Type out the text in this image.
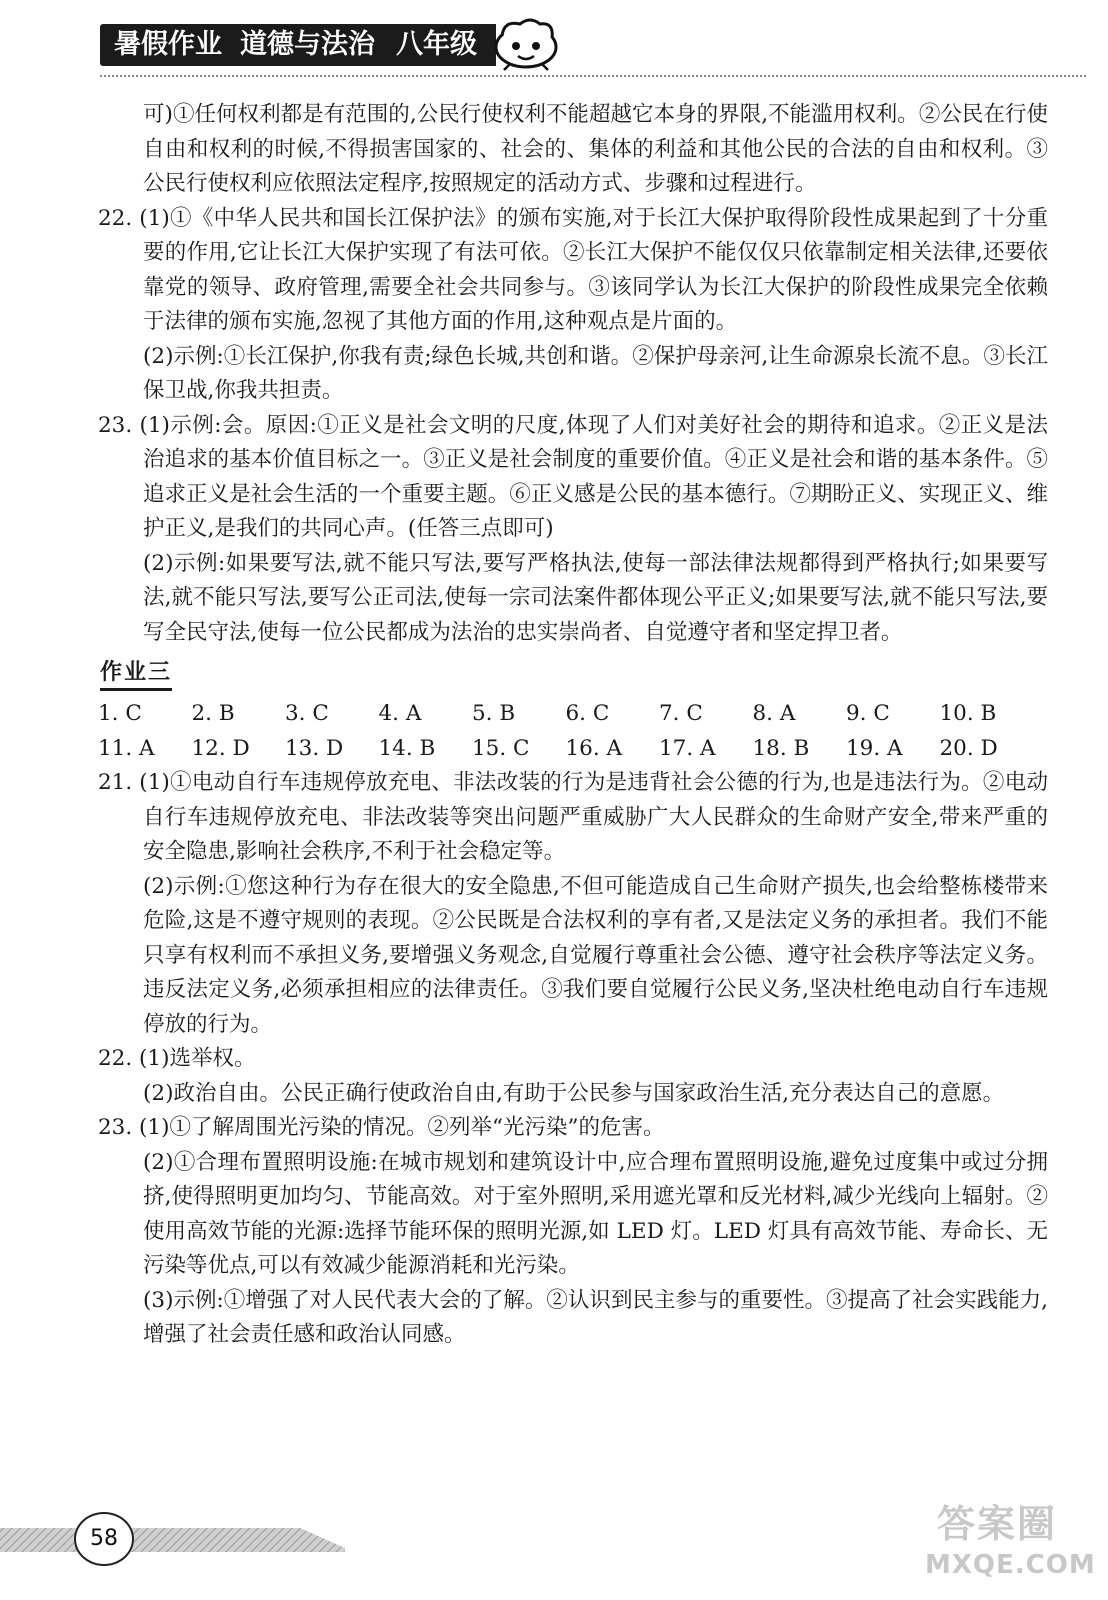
暑假作业 道德与法治 八年级

可)①任何权利都是有范围的,公民行使权利不能超越它本身的界限,不能滥用权利。②公民在行使自由和权利的时候,不得损害国家的、社会的、集体的利益和其他公民的合法的自由和权利。③公民行使权利应依照法定程序,按照规定的活动方式、步骤和过程进行。

22. (1)①《中华人民共和国长江保护法》的颁布实施,对于长江大保护取得阶段性成果起到了十分重要的作用,它让长江大保护实现了有法可依。②长江大保护不能仅仅只依靠制定相关法律,还要依靠党的领导、政府管理,需要全社会共同参与。③该同学认为长江大保护的阶段性成果完全依赖于法律的颁布实施,忽视了其他方面的作用,这种观点是片面的。

(2)示例:①长江保护,你我有责;绿色长城,共创和谐。②保护母亲河,让生命源泉长流不息。③长江保卫战,你我共担责。

23. (1)示例:会。原因:①正义是社会文明的尺度,体现了人们对美好社会的期待和追求。②正义是法治追求的基本价值目标之一。③正义是社会制度的重要价值。④正义是社会和谐的基本条件。⑤追求正义是社会生活的一个重要主题。⑥正义感是公民的基本德行。⑦期盼正义、实现正义、维护正义,是我们的共同心声。(任答三点即可)

(2)示例:如果要写法,就不能只写法,要写严格执法,使每一部法律法规都得到严格执行;如果要写法,就不能只写法,要写公正司法,使每一宗司法案件都体现公平正义;如果要写法,就不能只写法,要写全民守法,使每一位公民都成为法治的忠实崇尚者、自觉遵守者和坚定捍卫者。

作业三
1. C	2. B	3. C	4. A	5. B	6. C	7. C	8. A	9. C	10. B
11. A	12. D	13. D	14. B	15. C	16. A	17. A	18. B	19. A	20. D

21. (1)①电动自行车违规停放充电、非法改装的行为是违背社会公德的行为,也是违法行为。②电动自行车违规停放充电、非法改装等突出问题严重威胁广大人民群众的生命财产安全,带来严重的安全隐患,影响社会秩序,不利于社会稳定等。

(2)示例:①您这种行为存在很大的安全隐患,不但可能造成自己生命财产损失,也会给整栋楼带来危险,这是不遵守规则的表现。②公民既是合法权利的享有者,又是法定义务的承担者。我们不能只享有权利而不承担义务,要增强义务观念,自觉履行尊重社会公德、遵守社会秩序等法定义务。违反法定义务,必须承担相应的法律责任。③我们要自觉履行公民义务,坚决杜绝电动自行车违规停放的行为。

22. (1)选举权。

(2)政治自由。公民正确行使政治自由,有助于公民参与国家政治生活,充分表达自己的意愿。

23. (1)①了解周围光污染的情况。②列举“光污染”的危害。

(2)①合理布置照明设施:在城市规划和建筑设计中,应合理布置照明设施,避免过度集中或过分拥挤,使得照明更加均匀、节能高效。对于室外照明,采用遮光罩和反光材料,减少光线向上辐射。②使用高效节能的光源:选择节能环保的照明光源,如 LED 灯。LED 灯具有高效节能、寿命长、无污染等优点,可以有效减少能源消耗和光污染。

(3)示例:①增强了对人民代表大会的了解。②认识到民主参与的重要性。③提高了社会实践能力,增强了社会责任感和政治认同感。

58	答案圈
MXQE.COM
